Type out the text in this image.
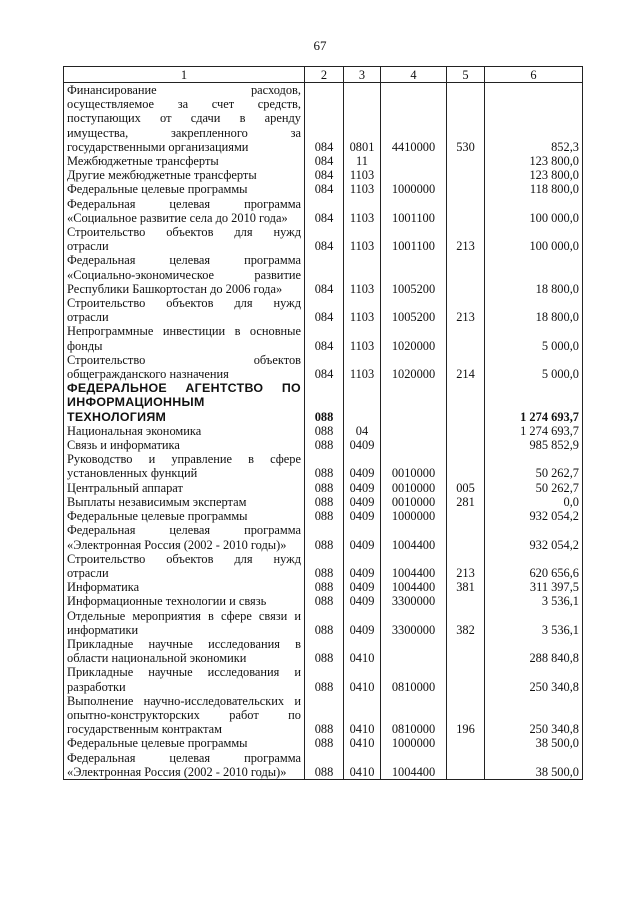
67
1	2	3	4	5	6

Финансирование расходов,
осуществляемое за счет средств,
поступающих от сдачи в аренду
имущества, закрепленного за
государственными организациями	084	0801	4410000	530	852,3

Межбюджетные трансферты	084	11			123 800,0

Другие межбюджетные трансферты	084	1103			123 800,0

Федеральные целевые программы	084	1103	1000000		118 800,0

Федеральная целевая программа
«Социальное развитие села до 2010 года»	084	1103	1001100		100 000,0

Строительство объектов для нужд
отрасли	084	1103	1001100	213	100 000,0

Федеральная целевая программа
«Социально-экономическое развитие
Республики Башкортостан до 2006 года»	084	1103	1005200		18 800,0

Строительство объектов для нужд
отрасли	084	1103	1005200	213	18 800,0

Непрограммные инвестиции в основные
фонды	084	1103	1020000		5 000,0

Строительство объектов
общегражданского назначения	084	1103	1020000	214	5 000,0

ФЕДЕРАЛЬНОЕ АГЕНТСТВО ПО
ИНФОРМАЦИОННЫМ
ТЕХНОЛОГИЯМ	088				1 274 693,7

Национальная экономика	088	04			1 274 693,7

Связь и информатика	088	0409			985 852,9

Руководство и управление в сфере
установленных функций	088	0409	0010000		50 262,7

Центральный аппарат	088	0409	0010000	005	50 262,7

Выплаты независимым экспертам	088	0409	0010000	281	0,0

Федеральные целевые программы	088	0409	1000000		932 054,2

Федеральная целевая программа
«Электронная Россия (2002 - 2010 годы)»	088	0409	1004400		932 054,2

Строительство объектов для нужд
отрасли	088	0409	1004400	213	620 656,6

Информатика	088	0409	1004400	381	311 397,5

Информационные технологии и связь	088	0409	3300000		3 536,1

Отдельные мероприятия в сфере связи и
информатики	088	0409	3300000	382	3 536,1

Прикладные научные исследования в
области национальной экономики	088	0410			288 840,8

Прикладные научные исследования и
разработки	088	0410	0810000		250 340,8

Выполнение научно-исследовательских и
опытно-конструкторских работ по
государственным контрактам	088	0410	0810000	196	250 340,8

Федеральные целевые программы	088	0410	1000000		38 500,0

Федеральная целевая программа
«Электронная Россия (2002 - 2010 годы)»	088	0410	1004400		38 500,0
